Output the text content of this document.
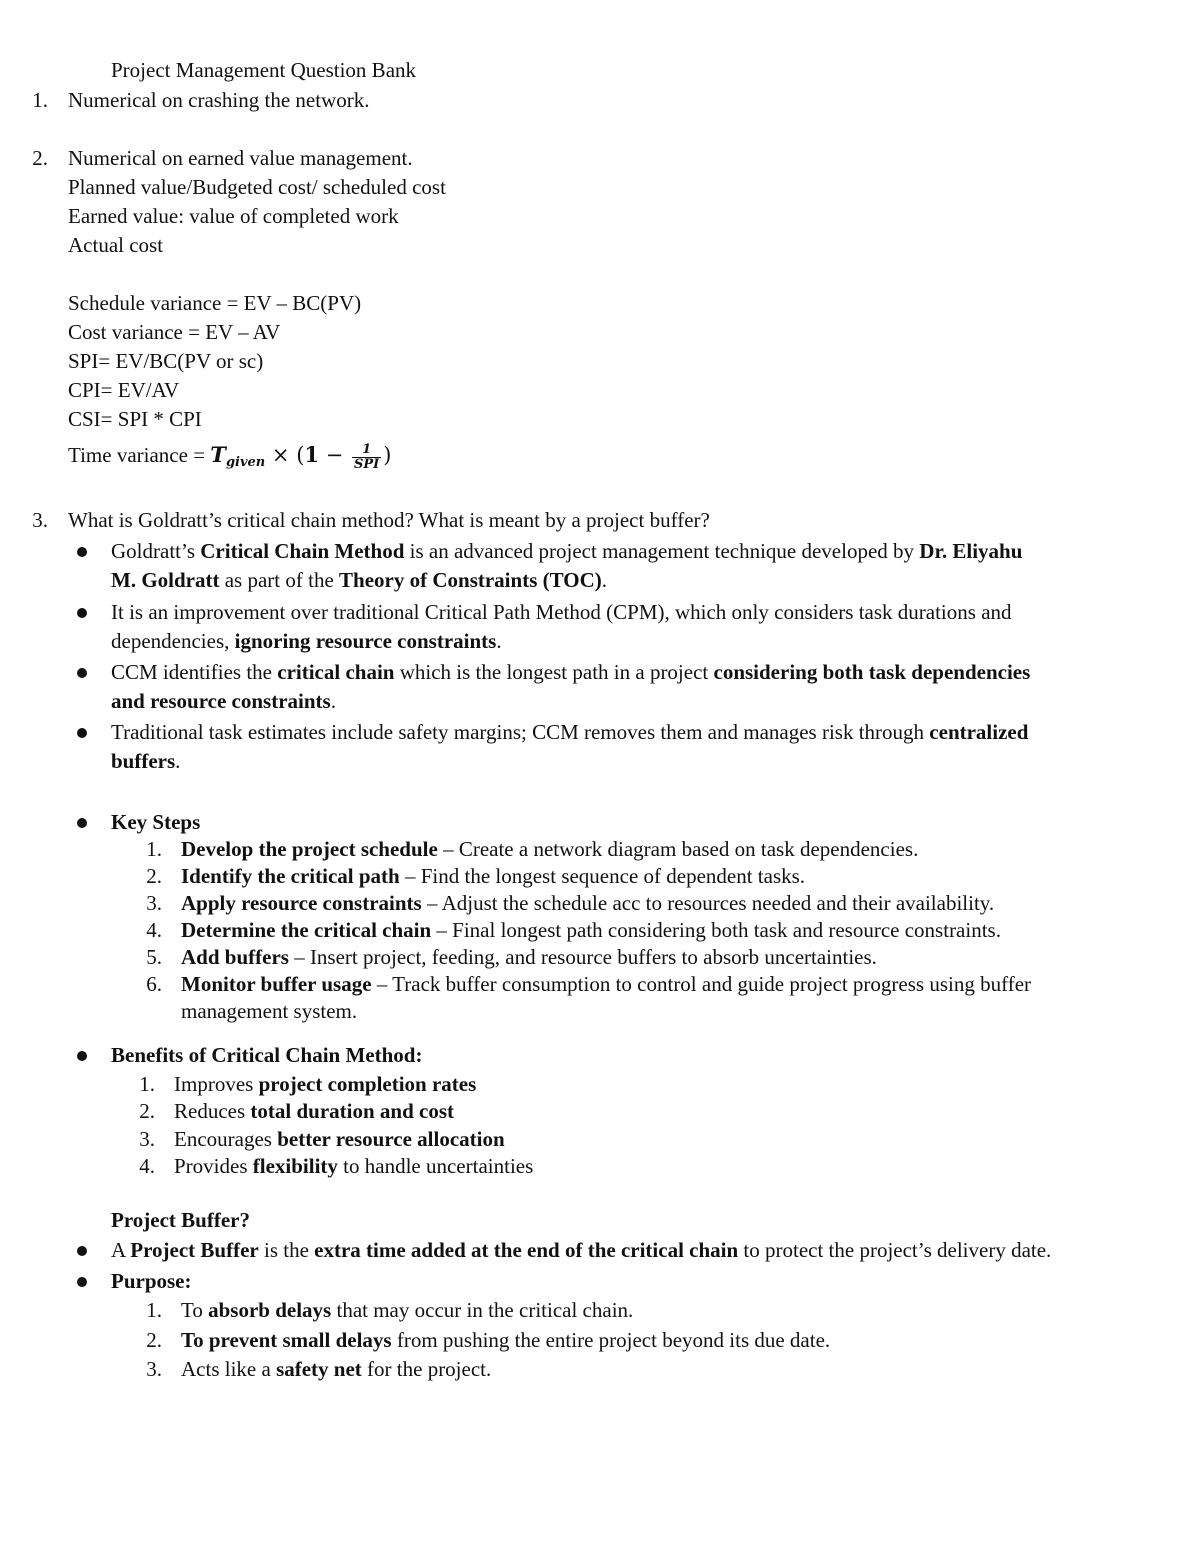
Project Management Question Bank
1. Numerical on crashing the network.
2. Numerical on earned value management.
Planned value/Budgeted cost/ scheduled cost
Earned value: value of completed work
Actual cost
Schedule variance = EV – BC(PV)
Cost variance = EV – AV
SPI= EV/BC(PV or sc)
CPI= EV/AV
CSI= SPI * CPI
Time variance = $T_{given} \times (1 - \frac{1}{\text{SPI}}$ )
3. What is Goldratt’s critical chain method? What is meant by a project buffer?
Goldratt’s Critical Chain Method is an advanced project management technique developed by Dr. Eliyahu
M. Goldratt as part of the Theory of Constraints (TOC).
It is an improvement over traditional Critical Path Method (CPM), which only considers task durations and
dependencies, ignoring resource constraints.
CCM identifies the critical chain which is the longest path in a project considering both task dependencies
and resource constraints.
Traditional task estimates include safety margins; CCM removes them and manages risk through centralized
buffers.
Key Steps
1. Develop the project schedule – Create a network diagram based on task dependencies.
2. Identify the critical path – Find the longest sequence of dependent tasks.
3. Apply resource constraints – Adjust the schedule acc to resources needed and their availability.
4. Determine the critical chain – Final longest path considering both task and resource constraints.
5. Add buffers – Insert project, feeding, and resource buffers to absorb uncertainties.
6. Monitor buffer usage – Track buffer consumption to control and guide project progress using buffer
management system.
Benefits of Critical Chain Method:
1. Improves project completion rates
2. Reduces total duration and cost
3. Encourages better resource allocation
4. Provides flexibility to handle uncertainties
Project Buffer?
A Project Buffer is the extra time added at the end of the critical chain to protect the project’s delivery date.
Purpose:
1. To absorb delays that may occur in the critical chain.
2. To prevent small delays from pushing the entire project beyond its due date.
3. Acts like a safety net for the project.
